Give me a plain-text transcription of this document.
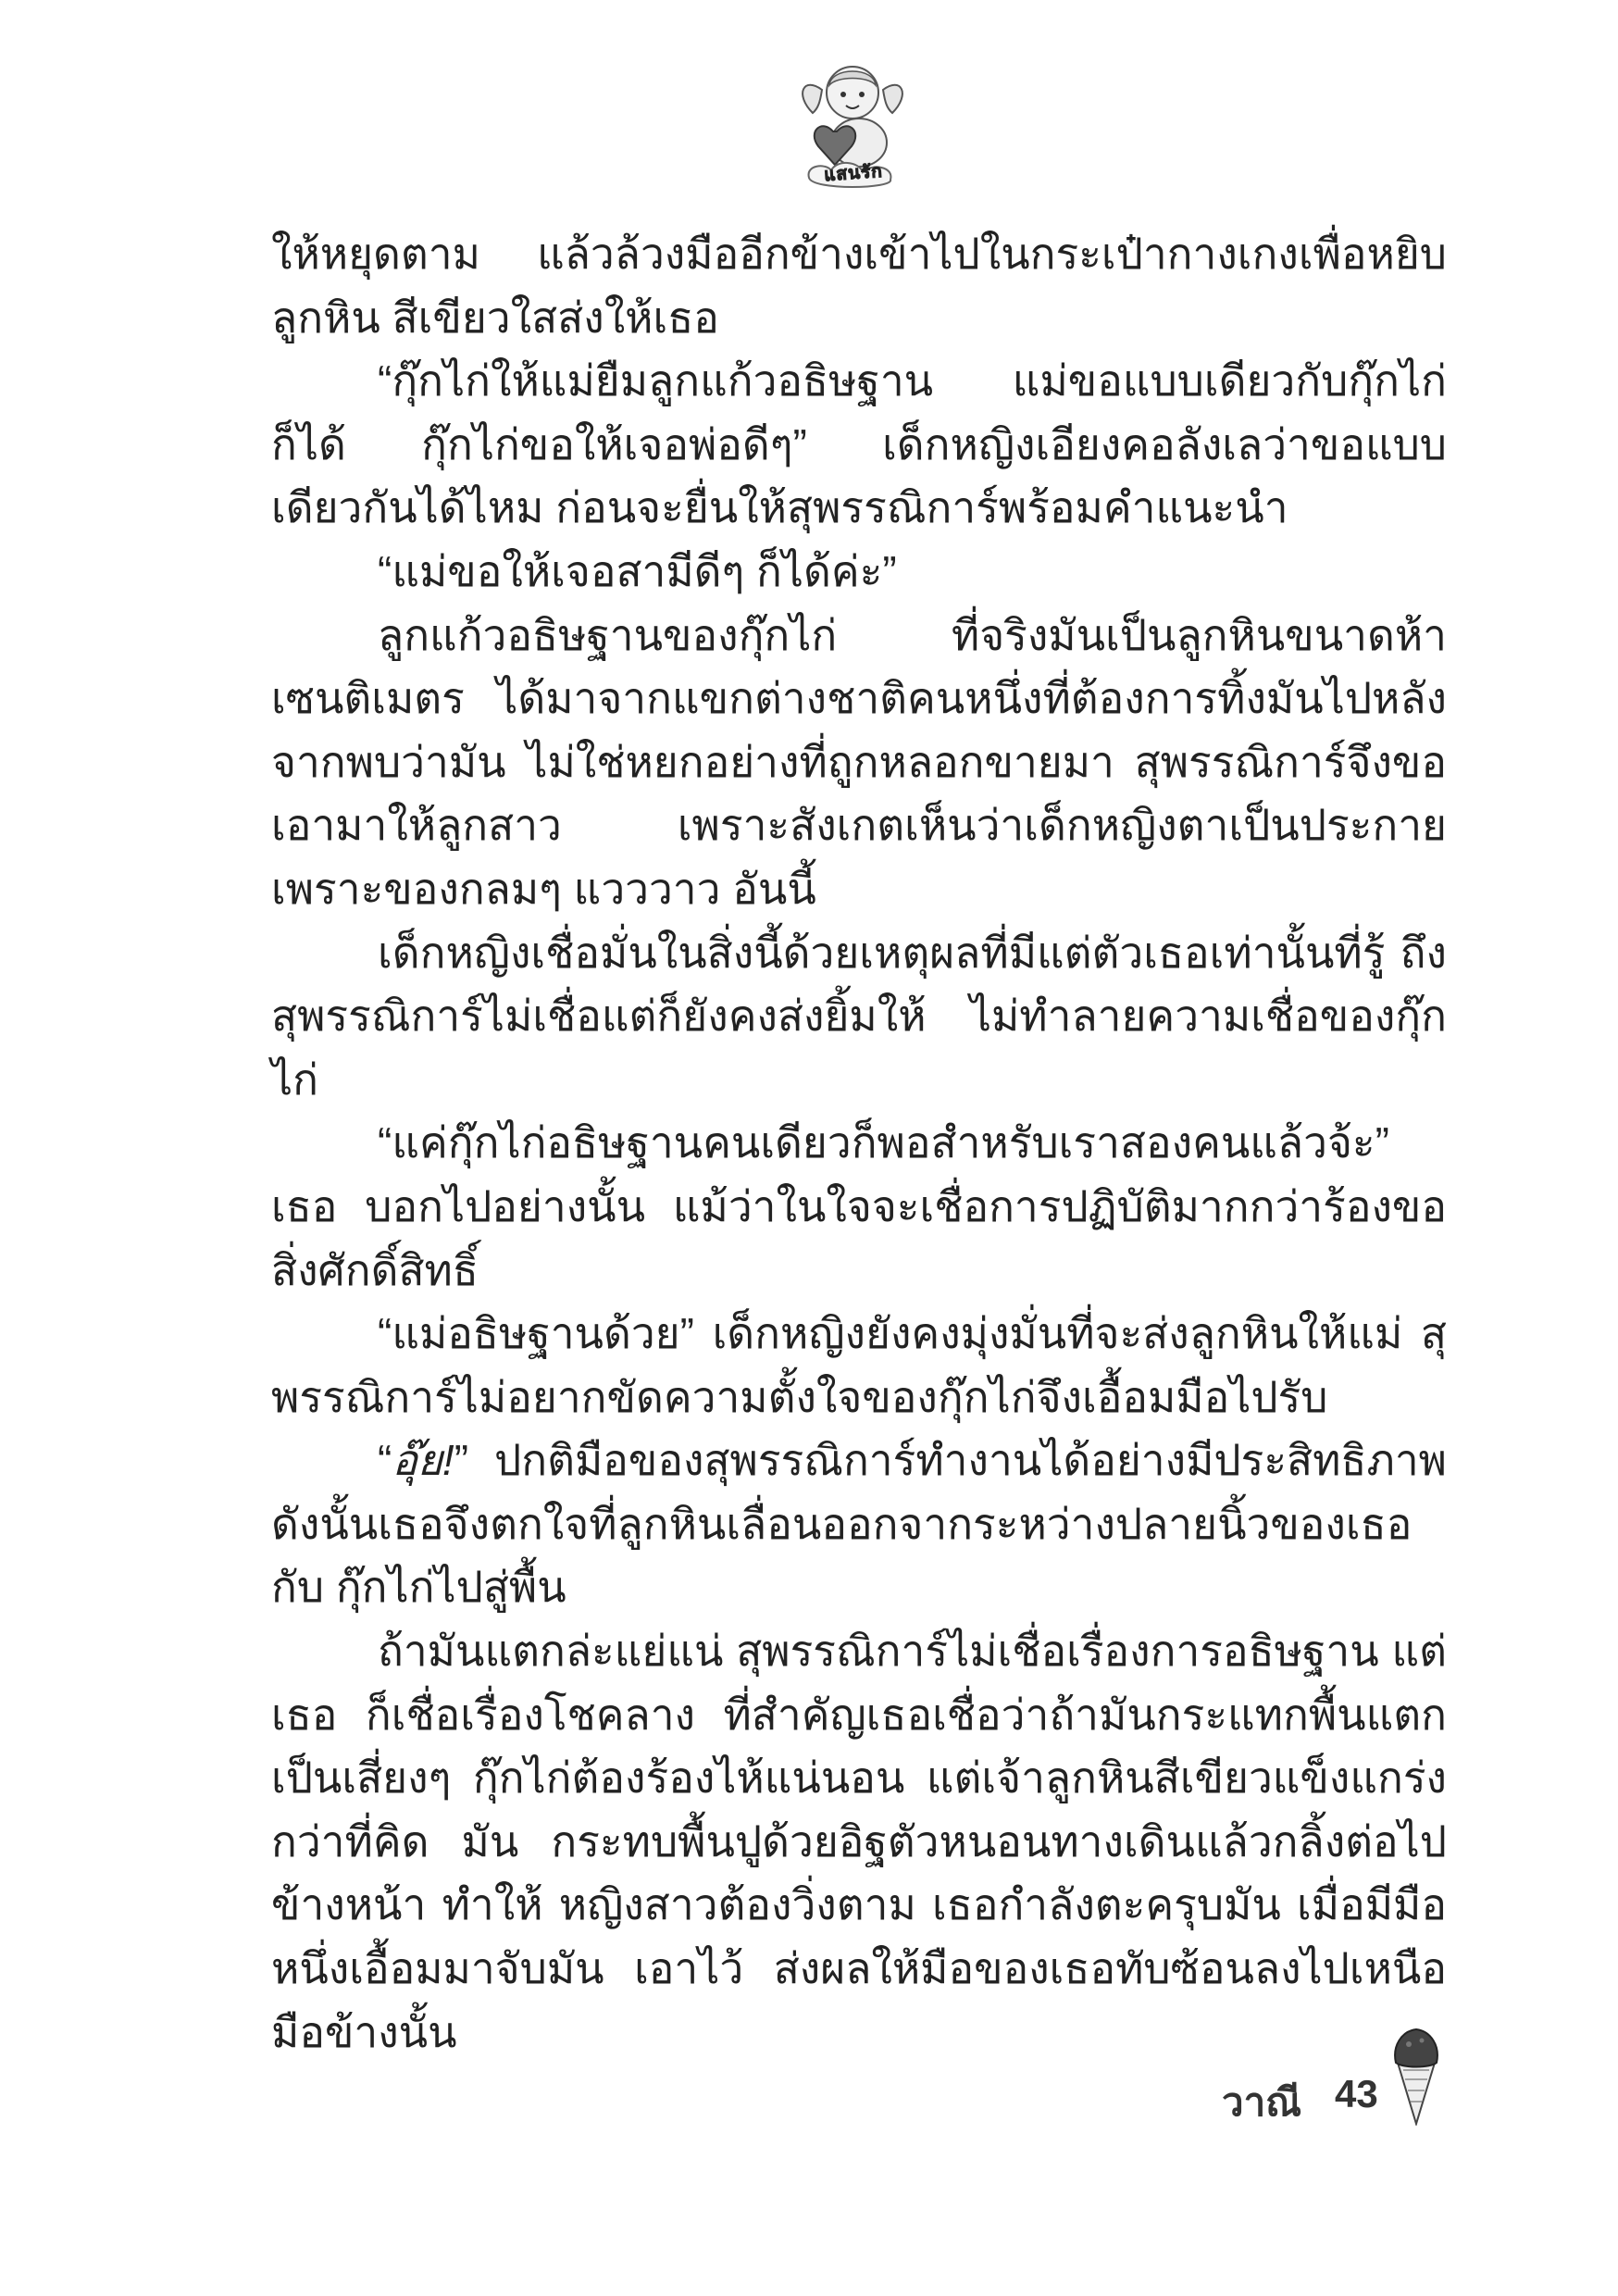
แสนรัก

ให้หยุดตาม แล้วล้วงมืออีกข้างเข้าไปในกระเป๋ากางเกงเพื่อหยิบลูกหิน สีเขียวใสส่งให้เธอ

“กุ๊กไก่ให้แม่ยืมลูกแก้วอธิษฐาน แม่ขอแบบเดียวกับกุ๊กไก่ก็ได้ กุ๊กไก่ขอให้เจอพ่อดีๆ” เด็กหญิงเอียงคอลังเลว่าขอแบบเดียวกันได้ไหม ก่อนจะยื่นให้สุพรรณิการ์พร้อมคำแนะนำ

“แม่ขอให้เจอสามีดีๆ ก็ได้ค่ะ”

ลูกแก้วอธิษฐานของกุ๊กไก่ ที่จริงมันเป็นลูกหินขนาดห้าเซนติเมตร ได้มาจากแขกต่างชาติคนหนึ่งที่ต้องการทิ้งมันไปหลังจากพบว่ามัน ไม่ใช่หยกอย่างที่ถูกหลอกขายมา สุพรรณิการ์จึงขอเอามาให้ลูกสาว เพราะสังเกตเห็นว่าเด็กหญิงตาเป็นประกายเพราะของกลมๆ แวววาว อันนี้

เด็กหญิงเชื่อมั่นในสิ่งนี้ด้วยเหตุผลที่มีแต่ตัวเธอเท่านั้นที่รู้ ถึง สุพรรณิการ์ไม่เชื่อแต่ก็ยังคงส่งยิ้มให้ ไม่ทำลายความเชื่อของกุ๊กไก่

“แค่กุ๊กไก่อธิษฐานคนเดียวก็พอสำหรับเราสองคนแล้วจ้ะ” เธอ บอกไปอย่างนั้น แม้ว่าในใจจะเชื่อการปฏิบัติมากกว่าร้องขอสิ่งศักดิ์สิทธิ์

“แม่อธิษฐานด้วย” เด็กหญิงยังคงมุ่งมั่นที่จะส่งลูกหินให้แม่ สุพรรณิการ์ไม่อยากขัดความตั้งใจของกุ๊กไก่จึงเอื้อมมือไปรับ

“อุ๊ย!” ปกติมือของสุพรรณิการ์ทำงานได้อย่างมีประสิทธิภาพ ดังนั้นเธอจึงตกใจที่ลูกหินเลื่อนออกจากระหว่างปลายนิ้วของเธอกับ กุ๊กไก่ไปสู่พื้น

ถ้ามันแตกล่ะแย่แน่ สุพรรณิการ์ไม่เชื่อเรื่องการอธิษฐาน แต่เธอ ก็เชื่อเรื่องโชคลาง ที่สำคัญเธอเชื่อว่าถ้ามันกระแทกพื้นแตกเป็นเสี่ยงๆ กุ๊กไก่ต้องร้องไห้แน่นอน แต่เจ้าลูกหินสีเขียวแข็งแกร่งกว่าที่คิด มัน กระทบพื้นปูด้วยอิฐตัวหนอนทางเดินแล้วกลิ้งต่อไปข้างหน้า ทำให้ หญิงสาวต้องวิ่งตาม เธอกำลังตะครุบมัน เมื่อมีมือหนึ่งเอื้อมมาจับมัน เอาไว้ ส่งผลให้มือของเธอทับซ้อนลงไปเหนือมือข้างนั้น

วาณี 43
